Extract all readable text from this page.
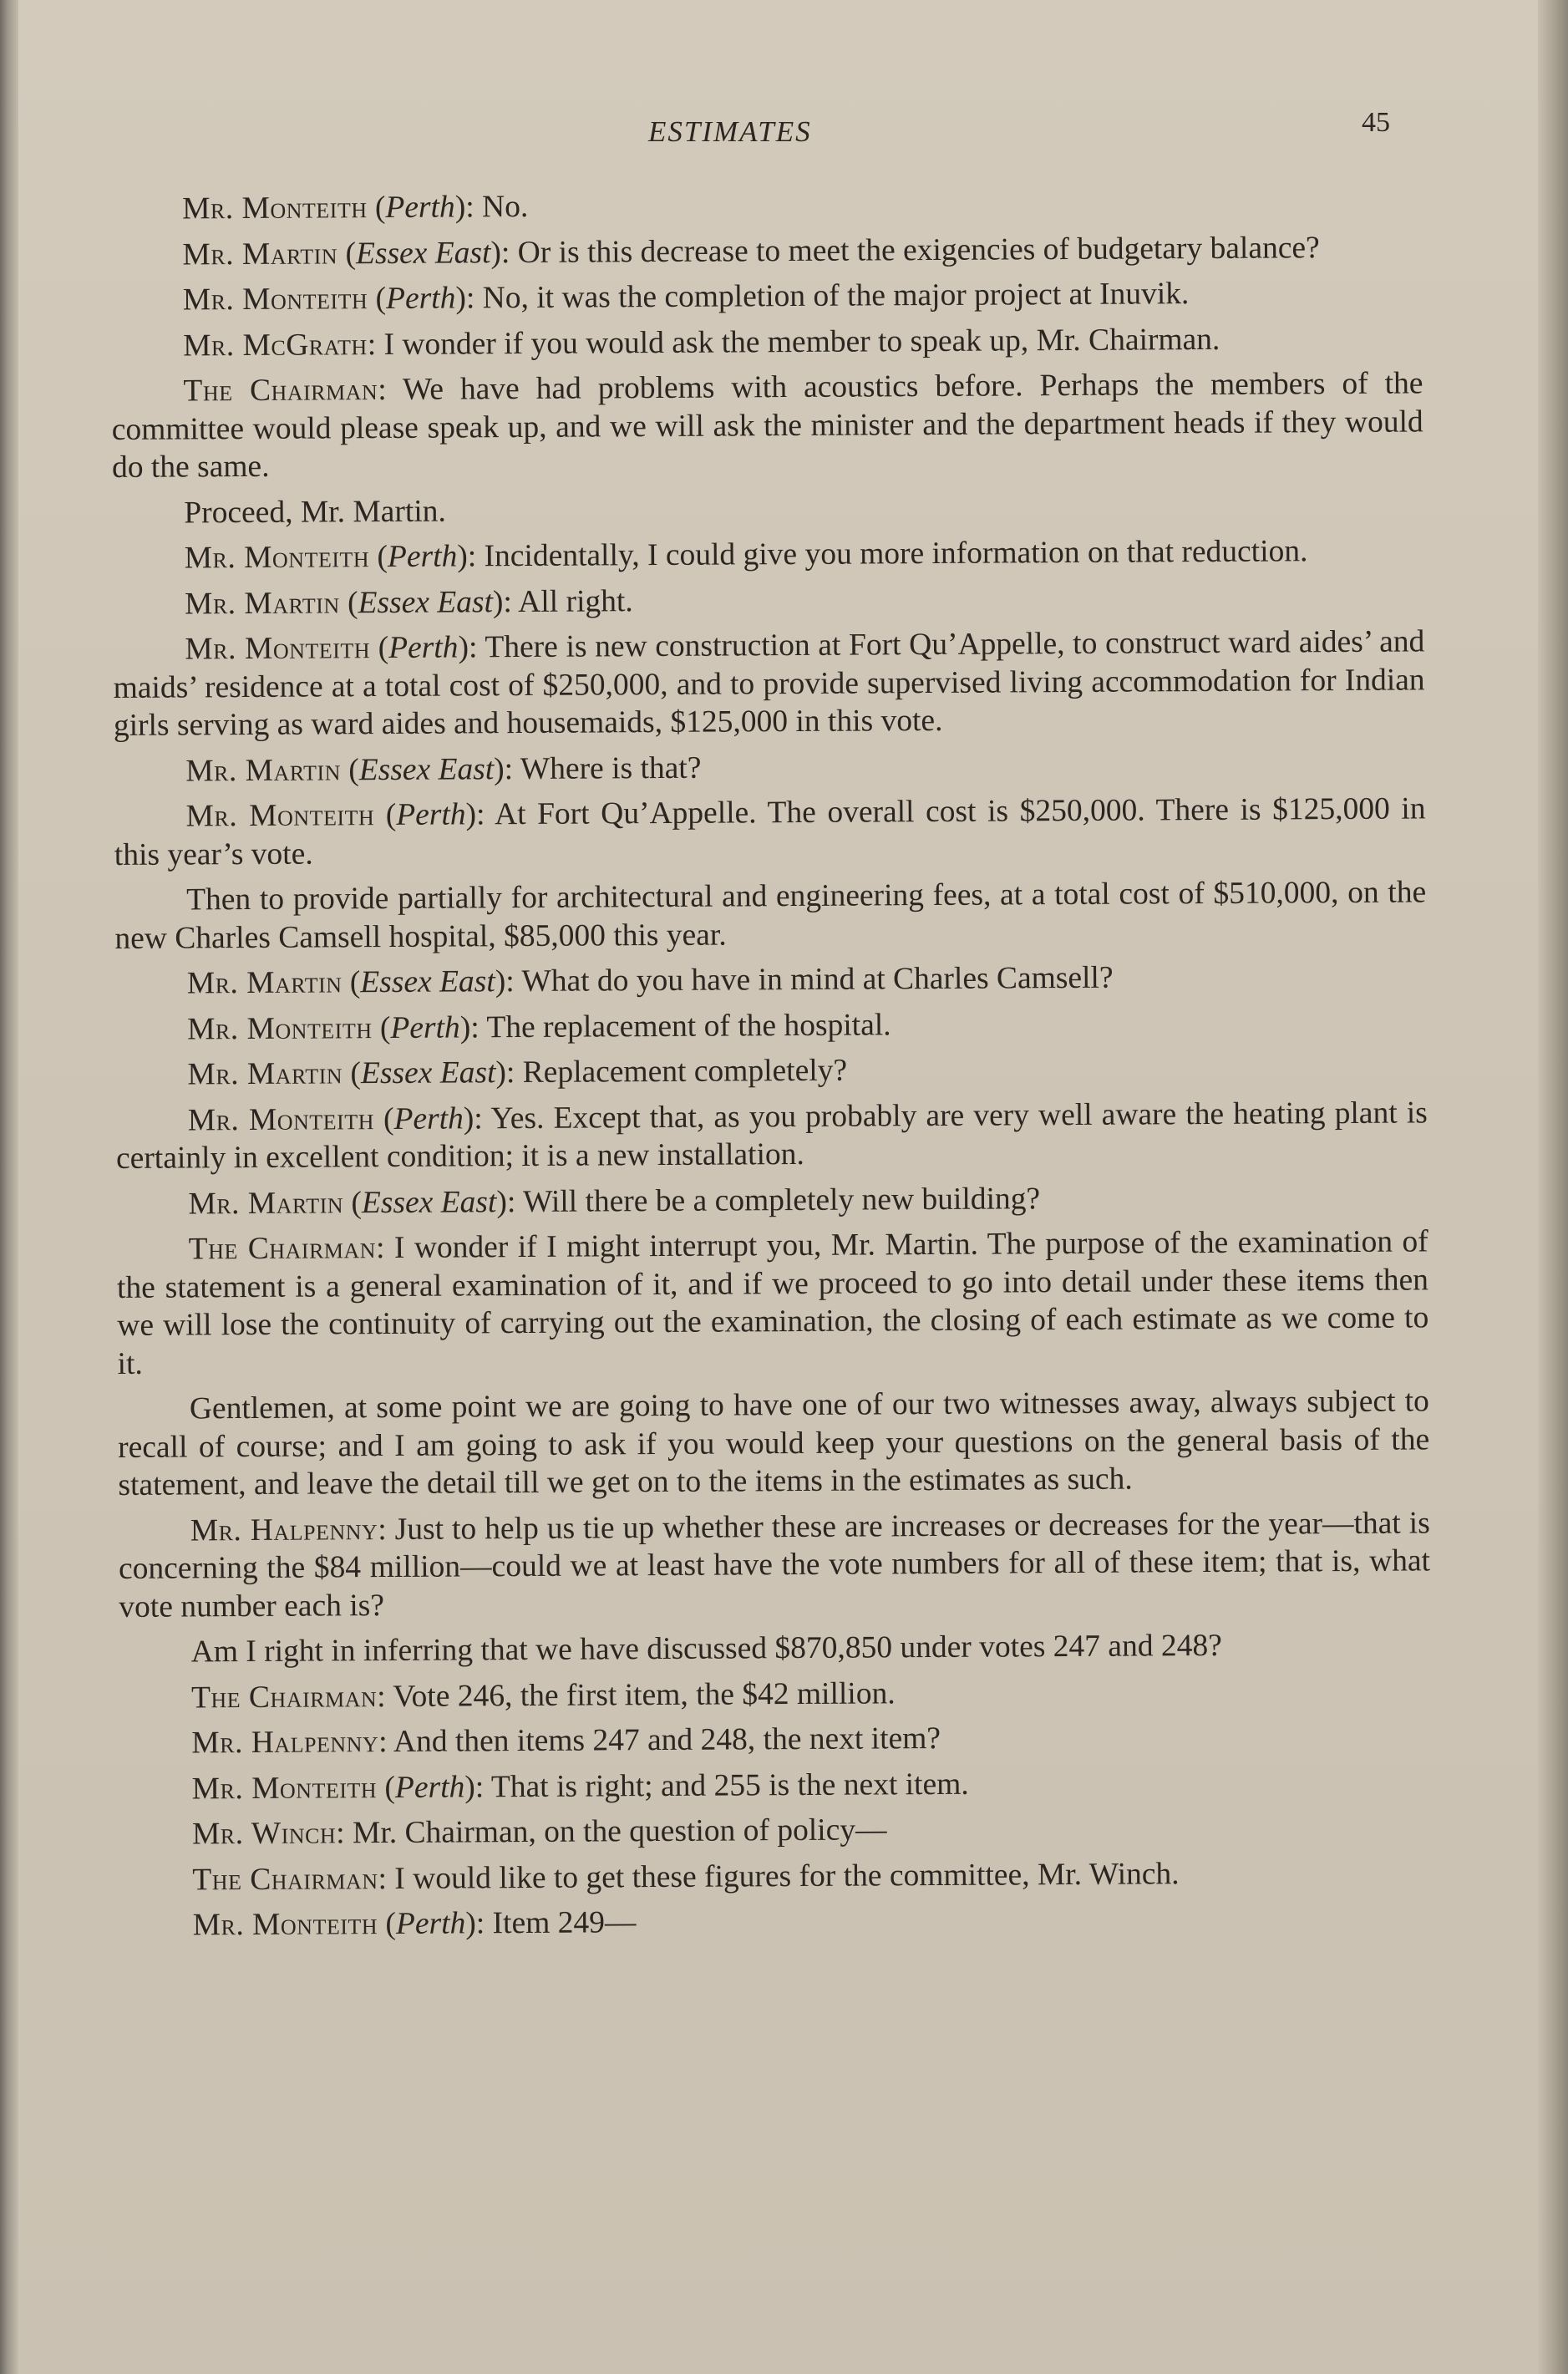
ESTIMATES	45

Mr. Monteith (Perth): No.

Mr. Martin (Essex East): Or is this decrease to meet the exigencies of budgetary balance?

Mr. Monteith (Perth): No, it was the completion of the major project at Inuvik.

Mr. McGrath: I wonder if you would ask the member to speak up, Mr. Chairman.

The Chairman: We have had problems with acoustics before. Perhaps the members of the committee would please speak up, and we will ask the minister and the department heads if they would do the same.

Proceed, Mr. Martin.

Mr. Monteith (Perth): Incidentally, I could give you more information on that reduction.

Mr. Martin (Essex East): All right.

Mr. Monteith (Perth): There is new construction at Fort Qu’Appelle, to construct ward aides’ and maids’ residence at a total cost of $250,000, and to provide supervised living accommodation for Indian girls serving as ward aides and housemaids, $125,000 in this vote.

Mr. Martin (Essex East): Where is that?

Mr. Monteith (Perth): At Fort Qu’Appelle. The overall cost is $250,000. There is $125,000 in this year’s vote.

Then to provide partially for architectural and engineering fees, at a total cost of $510,000, on the new Charles Camsell hospital, $85,000 this year.

Mr. Martin (Essex East): What do you have in mind at Charles Camsell?

Mr. Monteith (Perth): The replacement of the hospital.

Mr. Martin (Essex East): Replacement completely?

Mr. Monteith (Perth): Yes. Except that, as you probably are very well aware the heating plant is certainly in excellent condition; it is a new installation.

Mr. Martin (Essex East): Will there be a completely new building?

The Chairman: I wonder if I might interrupt you, Mr. Martin. The purpose of the examination of the statement is a general examination of it, and if we proceed to go into detail under these items then we will lose the continuity of carrying out the examination, the closing of each estimate as we come to it.

Gentlemen, at some point we are going to have one of our two witnesses away, always subject to recall of course; and I am going to ask if you would keep your questions on the general basis of the statement, and leave the detail till we get on to the items in the estimates as such.

Mr. Halpenny: Just to help us tie up whether these are increases or decreases for the year—that is concerning the $84 million—could we at least have the vote numbers for all of these item; that is, what vote number each is?

Am I right in inferring that we have discussed $870,850 under votes 247 and 248?

The Chairman: Vote 246, the first item, the $42 million.

Mr. Halpenny: And then items 247 and 248, the next item?

Mr. Monteith (Perth): That is right; and 255 is the next item.

Mr. Winch: Mr. Chairman, on the question of policy—

The Chairman: I would like to get these figures for the committee, Mr. Winch.

Mr. Monteith (Perth): Item 249—
